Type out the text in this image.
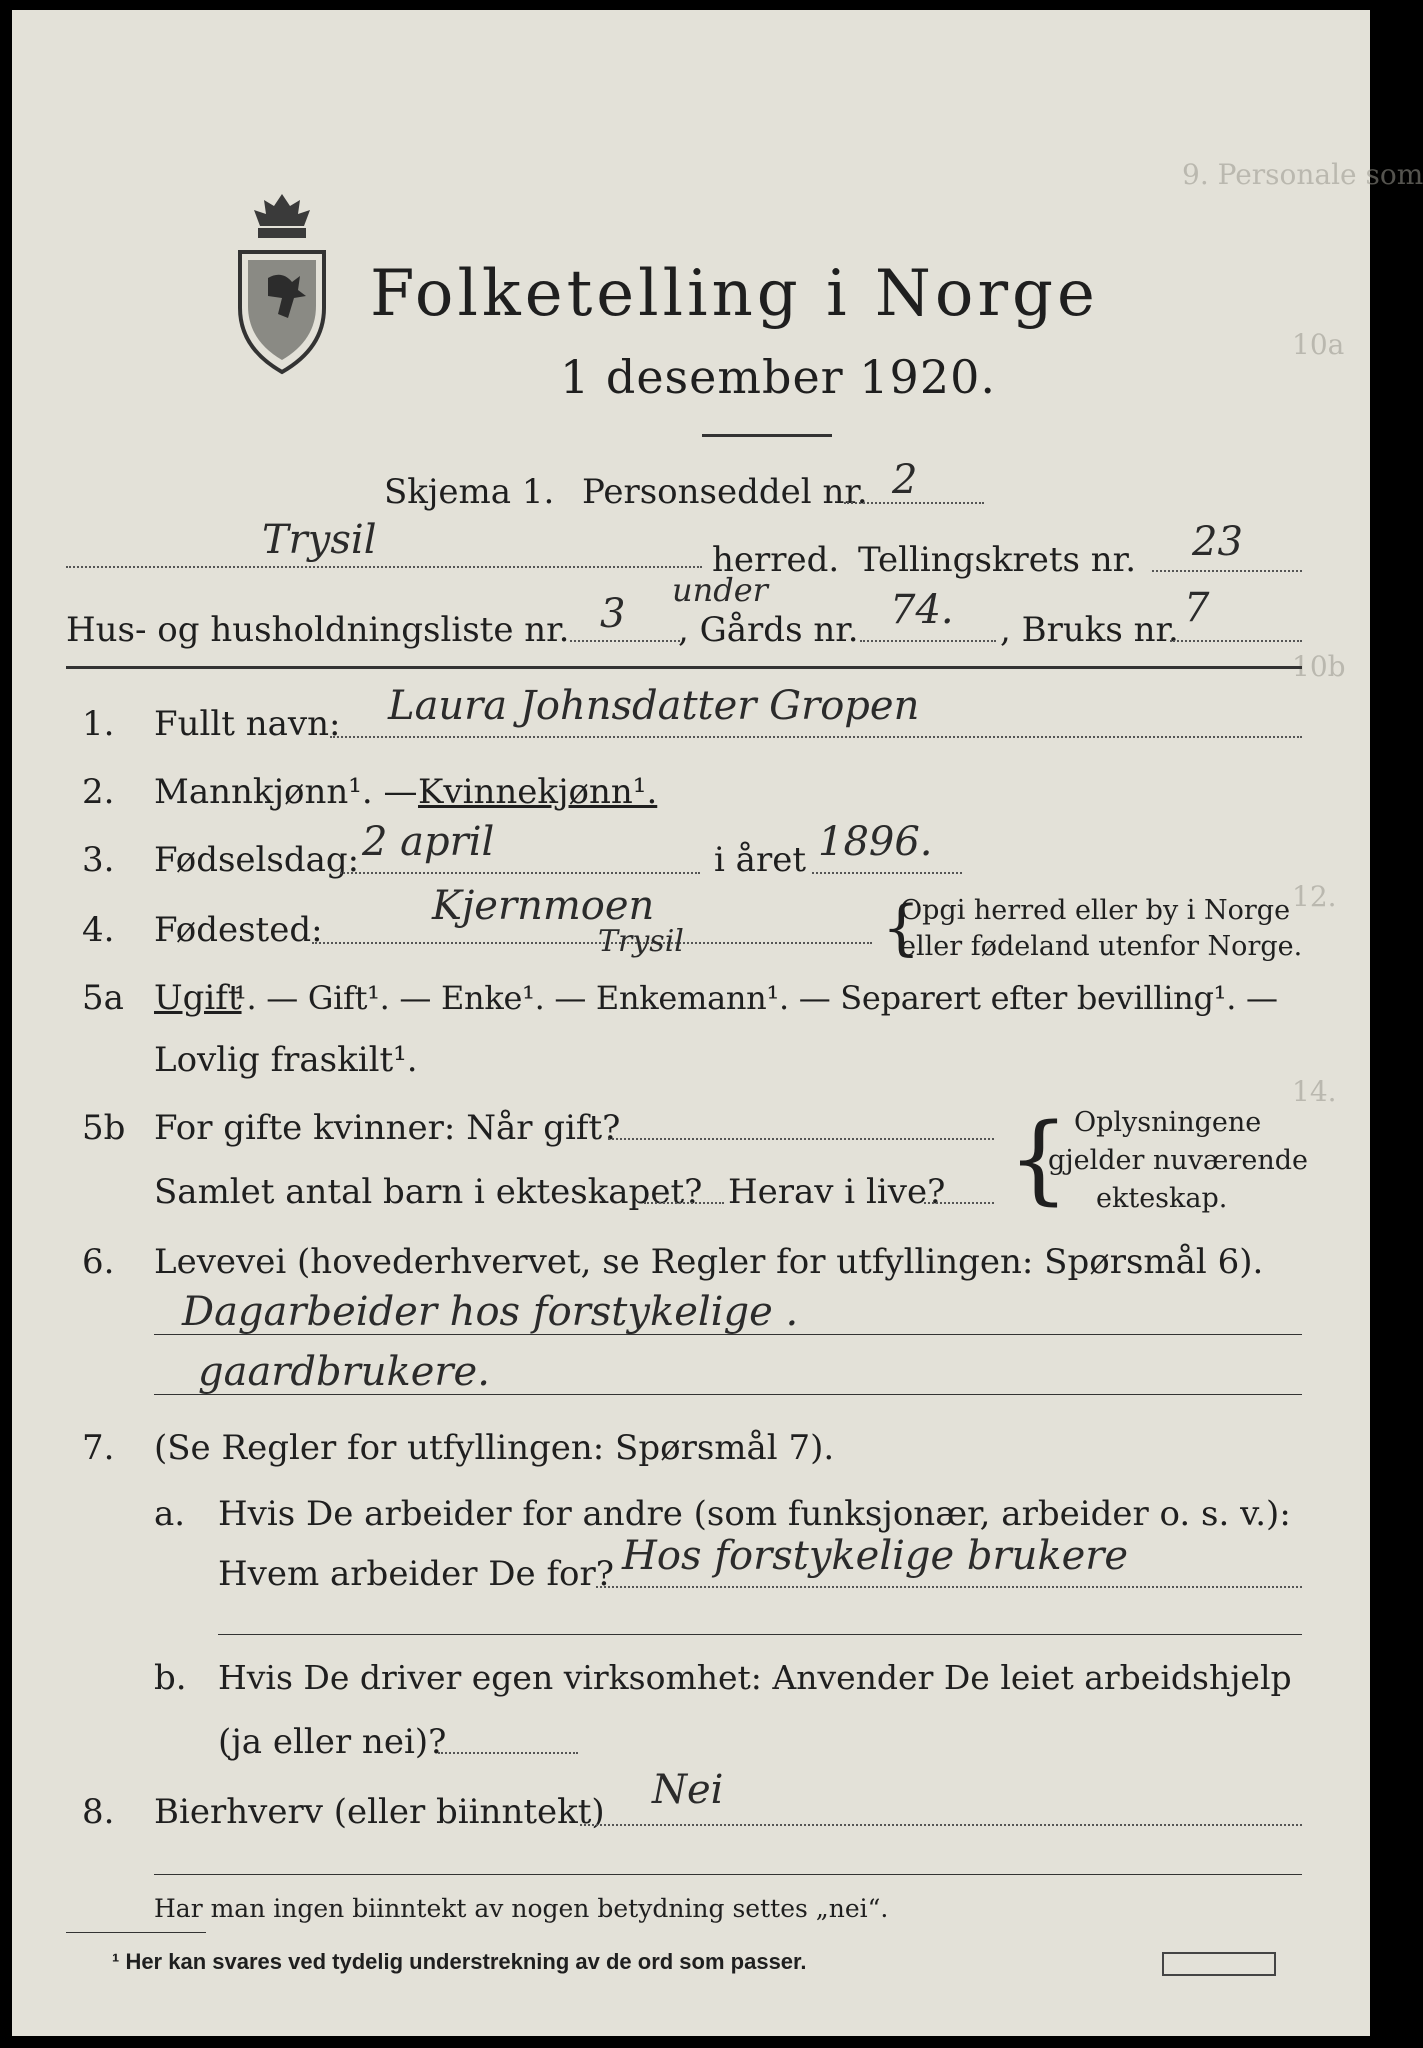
9. Personale som
10a
10b
12.
14.
Folketelling i Norge
1 desember 1920.
Skjema 1. Personseddel nr. 2
Trysil	herred. Tellingskrets nr. 23
Hus- og husholdningsliste nr. 3
under
, Gårds nr. 74. , Bruks nr. 7
1. Fullt navn: Laura Johnsdatter Gropen
2. Mannkjønn¹. — Kvinnekjønn¹.
3. Fødselsdag: 2 april	i året 1896.
4. Fødested:
Kjernmoen
Trysil
Opgi herred eller by i Norge
eller fødeland utenfor Norge.
{
5a Ugift
¹. — Gift¹. — Enke¹. — Enkemann¹. — Separert efter bevilling¹. —
Lovlig fraskilt¹.
5b For gifte kvinner: Når gift?
Samlet antal barn i ekteskapet? Herav i live? { Oplysningene
gjelder nuværende
ekteskap.
6. Levevei (hovederhvervet, se Regler for utfyllingen: Spørsmål 6).
Dagarbeider hos forstykelige .
gaardbrukere.
7. (Se Regler for utfyllingen: Spørsmål 7).
a. Hvis De arbeider for andre (som funksjonær, arbeider o. s. v.):
Hvem arbeider De for? Hos forstykelige brukere
b. Hvis De driver egen virksomhet: Anvender De leiet arbeidshjelp
(ja eller nei)?
8. Bierhverv (eller biinntekt) Nei
Har man ingen biinntekt av nogen betydning settes „nei“.
¹ Her kan svares ved tydelig understrekning av de ord som passer.
